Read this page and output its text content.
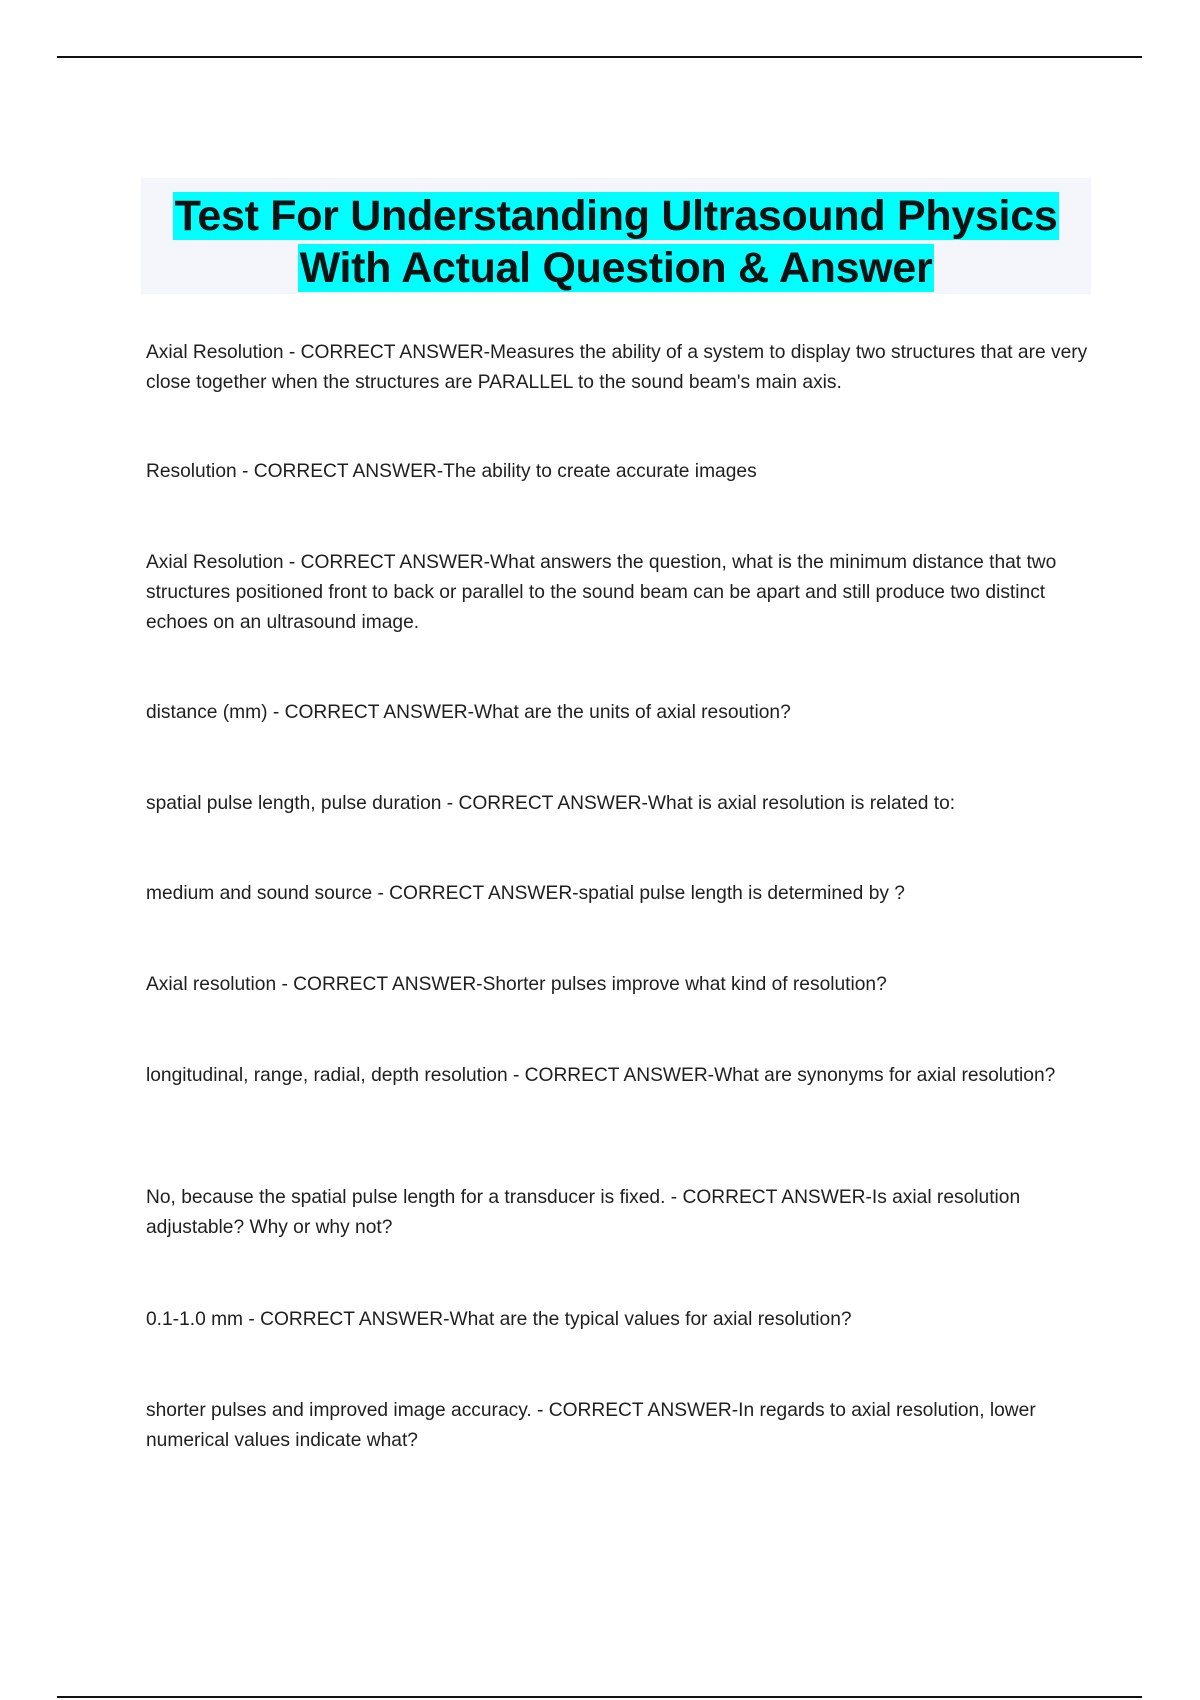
Test For Understanding Ultrasound Physics
With Actual Question & Answer

Axial Resolution - CORRECT ANSWER-Measures the ability of a system to display two structures that are very close together when the structures are PARALLEL to the sound beam's main axis.

Resolution - CORRECT ANSWER-The ability to create accurate images

Axial Resolution - CORRECT ANSWER-What answers the question, what is the minimum distance that two structures positioned front to back or parallel to the sound beam can be apart and still produce two distinct echoes on an ultrasound image.

distance (mm) - CORRECT ANSWER-What are the units of axial resoution?

spatial pulse length, pulse duration - CORRECT ANSWER-What is axial resolution is related to:

medium and sound source - CORRECT ANSWER-spatial pulse length is determined by ?

Axial resolution - CORRECT ANSWER-Shorter pulses improve what kind of resolution?

longitudinal, range, radial, depth resolution - CORRECT ANSWER-What are synonyms for axial resolution?

No, because the spatial pulse length for a transducer is fixed. - CORRECT ANSWER-Is axial resolution adjustable? Why or why not?

0.1-1.0 mm - CORRECT ANSWER-What are the typical values for axial resolution?

shorter pulses and improved image accuracy. - CORRECT ANSWER-In regards to axial resolution, lower numerical values indicate what?
